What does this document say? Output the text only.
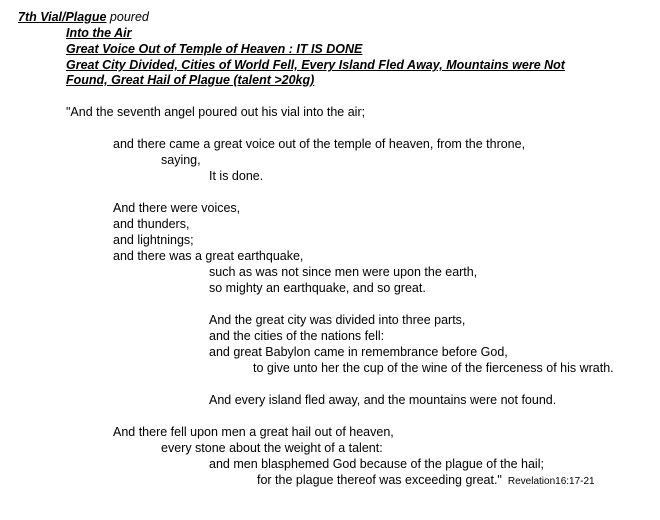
7th Vial/Plague poured
Into the Air
Great Voice Out of Temple of Heaven : IT IS DONE
Great City Divided, Cities of World Fell, Every Island Fled Away, Mountains were Not
Found, Great Hail of Plague (talent >20kg)
"And the seventh angel poured out his vial into the air;
and there came a great voice out of the temple of heaven, from the throne,
saying,
It is done.
And there were voices,
and thunders,
and lightnings;
and there was a great earthquake,
such as was not since men were upon the earth,
so mighty an earthquake, and so great.
And the great city was divided into three parts,
and the cities of the nations fell:
and great Babylon came in remembrance before God,
to give unto her the cup of the wine of the fierceness of his wrath.
And every island fled away, and the mountains were not found.
And there fell upon men a great hail out of heaven,
every stone about the weight of a talent:
and men blasphemed God because of the plague of the hail;
for the plague thereof was exceeding great." Revelation16:17-21
